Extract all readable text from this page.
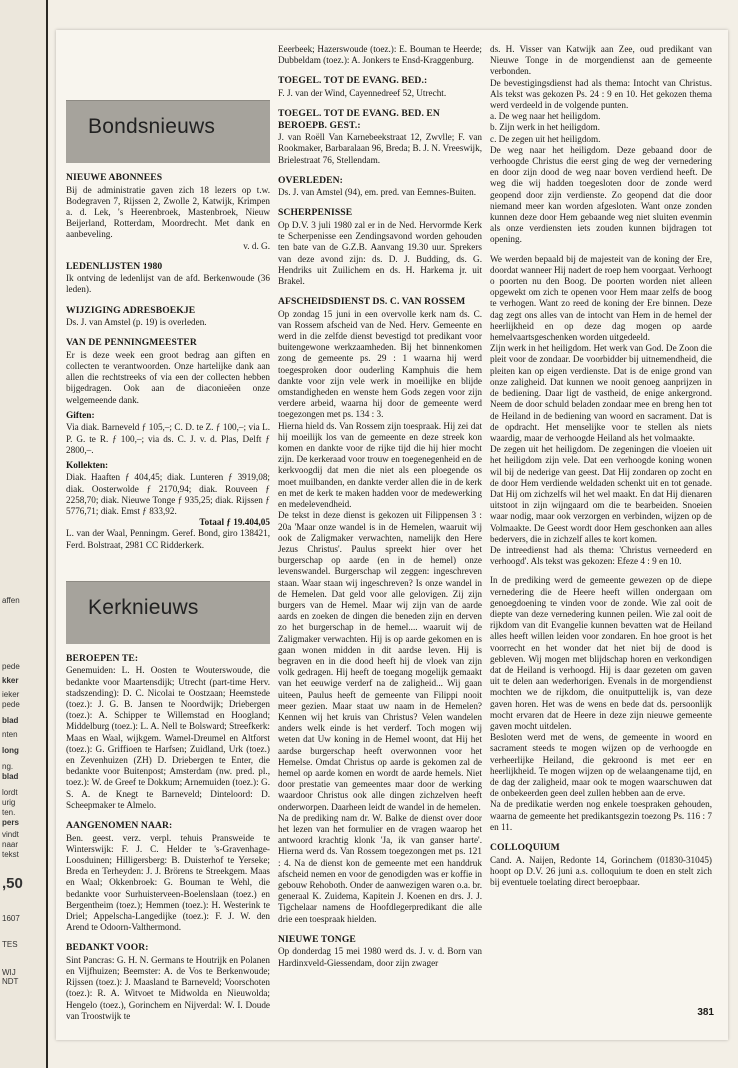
affen
pede
kker
ieker
pede
blad
nten
long
ng.
blad
lordt
urig
ten.
pers
vindt
naar
tekst
,50
1607
TES
WIJ
NDT
Bondsnieuws
NIEUWE ABONNEES

Bij de administratie gaven zich 18 lezers op t.w. Bodegraven 7, Rijssen 2, Zwolle 2, Katwijk, Krimpen a. d. Lek, 's Heerenbroek, Mastenbroek, Nieuw Beijerland, Rotterdam, Moordrecht. Met dank en aanbeveling.

v. d. G.

LEDENLIJSTEN 1980

Ik ontving de ledenlijst van de afd. Berkenwoude (36 leden).

WIJZIGING ADRESBOEKJE

Ds. J. van Amstel (p. 19) is overleden.

VAN DE PENNINGMEESTER

Er is deze week een groot bedrag aan giften en collecten te verantwoorden. Onze hartelijke dank aan allen die rechtstreeks of via een der collecten hebben bijgedragen. Ook aan de diaconieëen onze welgemeende dank.

Giften:

Via diak. Barneveld ƒ 105,–; C. D. te Z. ƒ 100,–; via L. P. G. te R. ƒ 100,–; via ds. C. J. v. d. Plas, Delft ƒ 2800,–.

Kollekten:

Diak. Haaften ƒ 404,45; diak. Lunteren ƒ 3919,08; diak. Oosterwolde ƒ 2170,94; diak. Rouveen ƒ 2258,70; diak. Nieuwe Tonge ƒ 935,25; diak. Rijssen ƒ 5776,71; diak. Emst ƒ 833,92.

Totaal ƒ 19.404,05

L. van der Waal, Penningm. Geref. Bond, giro 138421, Ferd. Bolstraat, 2981 CC Ridderkerk.

Kerknieuws
BEROEPEN TE:

Genemuiden: L. H. Oosten te Wouterswoude, die bedankte voor Maartensdijk; Utrecht (part-time Herv. stadszending): D. C. Nicolai te Oostzaan; Heemstede (toez.): J. G. B. Jansen te Noordwijk; Driebergen (toez.): A. Schipper te Willemstad en Hoogland; Middelburg (toez.): L. A. Nell te Bolsward; Streefkerk: Maas en Waal, wijkgem. Wamel-Dreumel en Altforst (toez.): G. Griffioen te Harfsen; Zuidland, Urk (toez.) en Zevenhuizen (ZH) D. Driebergen te Enter, die bedankte voor Buitenpost; Amsterdam (nw. pred. pl., toez.): W. de Greef te Dokkum; Arnemuiden (toez.): G. S. A. de Knegt te Barneveld; Dinteloord: D. Scheepmaker te Almelo.

AANGENOMEN NAAR:

Ben. geest. verz. verpl. tehuis Pransweide te Winterswijk: F. J. C. Helder te 's-Gravenhage-Loosduinen; Hilligersberg: B. Duisterhof te Yerseke; Breda en Terheyden: J. J. Brörens te Streekgem. Maas en Waal; Okkenbroek: G. Bouman te Wehl, die bedankte voor Surhuisterveen-Boelenslaan (toez.) en Bergentheim (toez.); Hemmen (toez.): H. Westerink te Driel; Appelscha-Langedijke (toez.): F. J. W. den Arend te Odoorn-Valthermond.

BEDANKT VOOR:

Sint Pancras: G. H. N. Germans te Houtrijk en Polanen en Vijfhuizen; Beemster: A. de Vos te Berkenwoude; Rijssen (toez.): J. Maasland te Barneveld; Voorschoten (toez.): R. A. Witvoet te Midwolda en Nieuwolda; Hengelo (toez.), Gorinchem en Nijverdal: W. I. Doude van Troostwijk te

Eeerbeek; Hazerswoude (toez.): E. Bouman te Heerde; Dubbeldam (toez.): A. Jonkers te Ensd-Kraggenburg.

TOEGEL. TOT DE EVANG. BED.:

F. J. van der Wind, Cayennedreef 52, Utrecht.

TOEGEL. TOT DE EVANG. BED. EN BEROEPB. GEST.:

J. van Roëll Van Karnebeekstraat 12, Zwvlle; F. van Rookmaker, Barbaralaan 96, Breda; B. J. N. Vreeswijk, Brielestraat 76, Stellendam.

OVERLEDEN:

Ds. J. van Amstel (94), em. pred. van Eemnes-Buiten.

SCHERPENISSE

Op D.V. 3 juli 1980 zal er in de Ned. Hervormde Kerk te Scherpenisse een Zendingsavond worden gehouden ten bate van de G.Z.B. Aanvang 19.30 uur. Sprekers van deze avond zijn: ds. D. J. Budding, ds. G. Hendriks uit Zuilichem en ds. H. Harkema jr. uit Brakel.

AFSCHEIDSDIENST DS. C. VAN ROSSEM

Op zondag 15 juni in een overvolle kerk nam ds. C. van Rossem afscheid van de Ned. Herv. Gemeente en werd in die zelfde dienst bevestigd tot predikant voor buitengewone werkzaamheden. Bij het binnenkomen zong de gemeente ps. 29 : 1 waarna hij werd toegesproken door ouderling Kamphuis die hem dankte voor zijn vele werk in moeilijke en blijde omstandigheden en wenste hem Gods zegen voor zijn verdere arbeid, waarna hij door de gemeente werd toegezongen met ps. 134 : 3.

Hierna hield ds. Van Rossem zijn toespraak. Hij zei dat hij moeilijk los van de gemeente en deze streek kon komen en dankte voor de rijke tijd die hij hier mocht zijn. De kerkeraad voor trouw en toegenegenheid en de kerkvoogdij dat men die niet als een ploegende os moet muilbanden, en dankte verder allen die in de kerk en met de kerk te maken hadden voor de medewerking en medelevendheid.

De tekst in deze dienst is gekozen uit Filippensen 3 : 20a 'Maar onze wandel is in de Hemelen, waaruit wij ook de Zaligmaker verwachten, namelijk den Here Jezus Christus'. Paulus spreekt hier over het burgerschap op aarde (en in de hemel) onze levenswandel. Burgerschap wil zeggen: ingeschreven staan. Waar staan wij ingeschreven? Is onze wandel in de Hemelen. Dat geld voor alle gelovigen. Zij zijn burgers van de Hemel. Maar wij zijn van de aarde aards en zoeken de dingen die beneden zijn en derven zo het burgerschap in de hemel.... waaruit wij de Zaligmaker verwachten. Hij is op aarde gekomen en is gaan wonen midden in dit aardse leven. Hij is begraven en in die dood heeft hij de vloek van zijn volk gedragen. Hij heeft de toegang mogelijk gemaakt van het eeuwige verderf na de zaligheid... Wij gaan uiteen, Paulus heeft de gemeente van Filippi nooit meer gezien. Maar staat uw naam in de Hemelen? Kennen wij het kruis van Christus? Velen wandelen anders welk einde is het verderf. Toch mogen wij weten dat Uw koning in de Hemel woont, dat Hij het aardse burgerschap heeft overwonnen voor het Hemelse. Omdat Christus op aarde is gekomen zal de hemel op aarde komen en wordt de aarde hemels. Niet door prestatie van gemeentes maar door de werking waardoor Christus ook alle dingen zichzelven heeft onderworpen. Daarheen leidt de wandel in de hemelen.

Na de prediking nam dr. W. Balke de dienst over door het lezen van het formulier en de vragen waarop het antwoord krachtig klonk 'Ja, ik van ganser harte'. Hierna werd ds. Van Rossem toegezongen met ps. 121 : 4. Na de dienst kon de gemeente met een handdruk afscheid nemen en voor de genodigden was er koffie in gebouw Rehoboth. Onder de aanwezigen waren o.a. br. generaal K. Zuidema, Kapitein J. Koenen en drs. J. J. Tigchelaar namens de Hoofdlegerpredikant die alle drie een toespraak hielden.

NIEUWE TONGE

Op donderdag 15 mei 1980 werd ds. J. v. d. Born van Hardinxveld-Giessendam, door zijn zwager

ds. H. Visser van Katwijk aan Zee, oud predikant van Nieuwe Tonge in de morgendienst aan de gemeente verbonden.

De bevestigingsdienst had als thema: Intocht van Christus. Als tekst was gekozen Ps. 24 : 9 en 10. Het gekozen thema werd verdeeld in de volgende punten.

a. De weg naar het heiligdom.

b. Zijn werk in het heiligdom.

c. De zegen uit het heiligdom.

De weg naar het heiligdom. Deze gebaand door de verhoogde Christus die eerst ging de weg der vernedering en door zijn dood de weg naar boven verdiend heeft. De weg die wij hadden toegesloten door de zonde werd geopend door zijn verdienste. Zo geopend dat die door niemand meer kan worden afgesloten. Want onze zonden kunnen deze door Hem gebaande weg niet sluiten evenmin als onze verdiensten iets zouden kunnen bijdragen tot opening.

We werden bepaald bij de majesteit van de koning der Ere, doordat wanneer Hij nadert de roep hem voorgaat. Verhoogt o poorten nu den Boog. De poorten worden niet alleen opgewekt om zich te openen voor Hem maar zelfs de boog te verhogen. Want zo reed de koning der Ere binnen. Deze dag zegt ons alles van de intocht van Hem in de hemel der heerlijkheid en op deze dag mogen op aarde hemelvaartsgeschenken worden uitgedeeld.

Zijn werk in het heiligdom. Het werk van God. De Zoon die pleit voor de zondaar. De voorbidder bij uitnemendheid, die pleiten kan op eigen verdienste. Dat is de enige grond van onze zaligheid. Dat kunnen we nooit genoeg aanprijzen in de bediening. Daar ligt de vastheid, de enige ankergrond. Neem de door schuld beladen zondaar mee en breng hen tot de Heiland in de bediening van woord en sacrament. Dat is de opdracht. Het menselijke voor te stellen als niets waardig, maar de verhoogde Heiland als het volmaakte.

De zegen uit het heiligdom. De zegeningen die vloeien uit het heiligdom zijn vele. Dat een verhoogde koning wonen wil bij de nederige van geest. Dat Hij zondaren op zocht en de door Hem verdiende weldaden schenkt uit en tot genade. Dat Hij om zichzelfs wil het wel maakt. En dat Hij dienaren uitstoot in zijn wijngaard om die te bearbeiden. Snoeien waar nodig, maar ook verzorgen en verbinden, wijzen op de Volmaakte. De Geest wordt door Hem geschonken aan alles bedervers, die in zichzelf alles te kort komen.

De intreedienst had als thema: 'Christus verneederd en verhoogd'. Als tekst was gekozen: Efeze 4 : 9 en 10.

In de prediking werd de gemeente gewezen op de diepe vernedering die de Heere heeft willen ondergaan om genoegdoening te vinden voor de zonde. Wie zal ooit de diepte van deze vernedering kunnen peilen. Wie zal ooit de rijkdom van dit Evangelie kunnen bevatten wat de Heiland alles heeft willen leiden voor zondaren. En hoe groot is het voorrecht en het wonder dat het niet bij de dood is gebleven. Wij mogen met blijdschap horen en verkondigen dat de Heiland is verhoogd. Hij is daar gezeten om gaven uit te delen aan wederhorigen. Evenals in de morgendienst mochten we de rijkdom, die onuitputtelijk is, van deze gaven horen. Het was de wens en bede dat ds. persoonlijk mocht ervaren dat de Heere in deze zijn nieuwe gemeente gaven mocht uitdelen.

Besloten werd met de wens, de gemeente in woord en sacrament steeds te mogen wijzen op de verhoogde en verheerlijke Heiland, die gekroond is met eer en heerlijkheid. Te mogen wijzen op de welaangename tijd, en de dag der zaligheid, maar ook te mogen waarschuwen dat de onbekeerden geen deel zullen hebben aan de erve.

Na de predikatie werden nog enkele toespraken gehouden, waarna de gemeente het predikantsgezin toezong Ps. 116 : 7 en 11.

COLLOQUIUM

Cand. A. Naijen, Redonte 14, Gorinchem (01830-31045) hoopt op D.V. 26 juni a.s. colloquium te doen en stelt zich bij eventuele toelating direct beroepbaar.

381
